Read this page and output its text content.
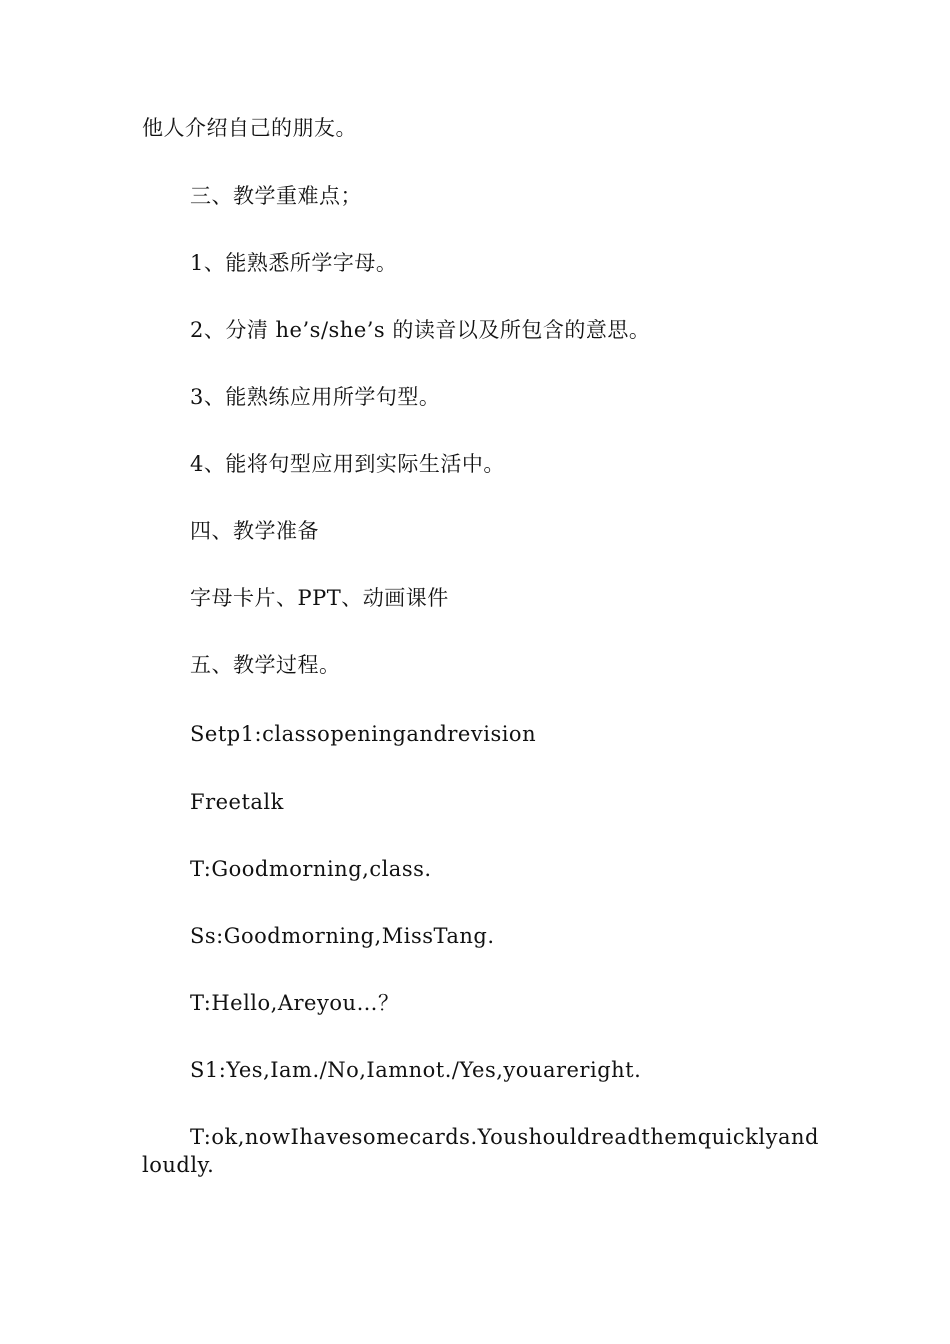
他人介绍自己的朋友。
三、教学重难点；
1、能熟悉所学字母。
2、分清 he’s/she’s 的读音以及所包含的意思。
3、能熟练应用所学句型。
4、能将句型应用到实际生活中。
四、教学准备
字母卡片、PPT、动画课件
五、教学过程。
Setp1:classopeningandrevision
Freetalk
T:Goodmorning,class.
Ss:Goodmorning,MissTang.
T:Hello,Areyou…？
S1:Yes,Iam./No,Iamnot./Yes,youareright.
T:ok,nowIhavesomecards.Youshouldreadthemquicklyandloudly.
